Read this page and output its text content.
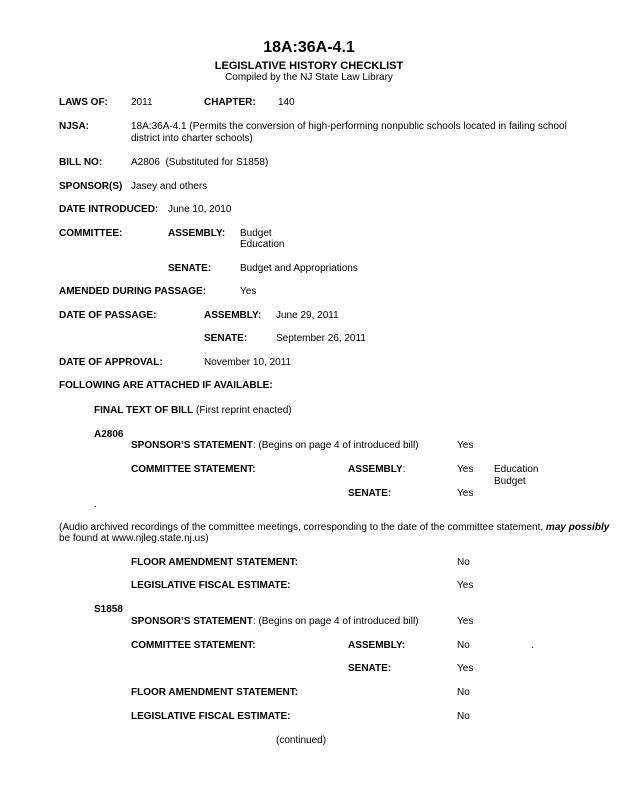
18A:36A-4.1
LEGISLATIVE HISTORY CHECKLIST
Compiled by the NJ State Law Library
LAWS OF: 2011	CHAPTER: 140
NJSA:	18A:36A-4.1 (Permits the conversion of high-performing nonpublic schools located in failing school district into charter schools)
BILL NO:	A2806  (Substituted for S1858)
SPONSOR(S) Jasey and others
DATE INTRODUCED: June 10, 2010
COMMITTEE:	ASSEMBLY: Budget
Education
SENATE:	Budget and Appropriations
AMENDED DURING PASSAGE:	Yes
DATE OF PASSAGE:	ASSEMBLY: June 29, 2011
SENATE:	September 26, 2011
DATE OF APPROVAL:	November 10, 2011
FOLLOWING ARE ATTACHED IF AVAILABLE:
FINAL TEXT OF BILL (First reprint enacted)
A2806
SPONSOR’S STATEMENT: (Begins on page 4 of introduced bill)	Yes
COMMITTEE STATEMENT:	ASSEMBLY:	Yes Education
Budget
SENATE:	Yes
.
(Audio archived recordings of the committee meetings, corresponding to the date of the committee statement, may possibly
be found at www.njleg.state.nj.us)
FLOOR AMENDMENT STATEMENT:	No
LEGISLATIVE FISCAL ESTIMATE:	Yes
S1858
SPONSOR’S STATEMENT: (Begins on page 4 of introduced bill)	Yes
COMMITTEE STATEMENT:	ASSEMBLY:	No	.
SENATE:	Yes
FLOOR AMENDMENT STATEMENT:	No
LEGISLATIVE FISCAL ESTIMATE:	No
(continued)
